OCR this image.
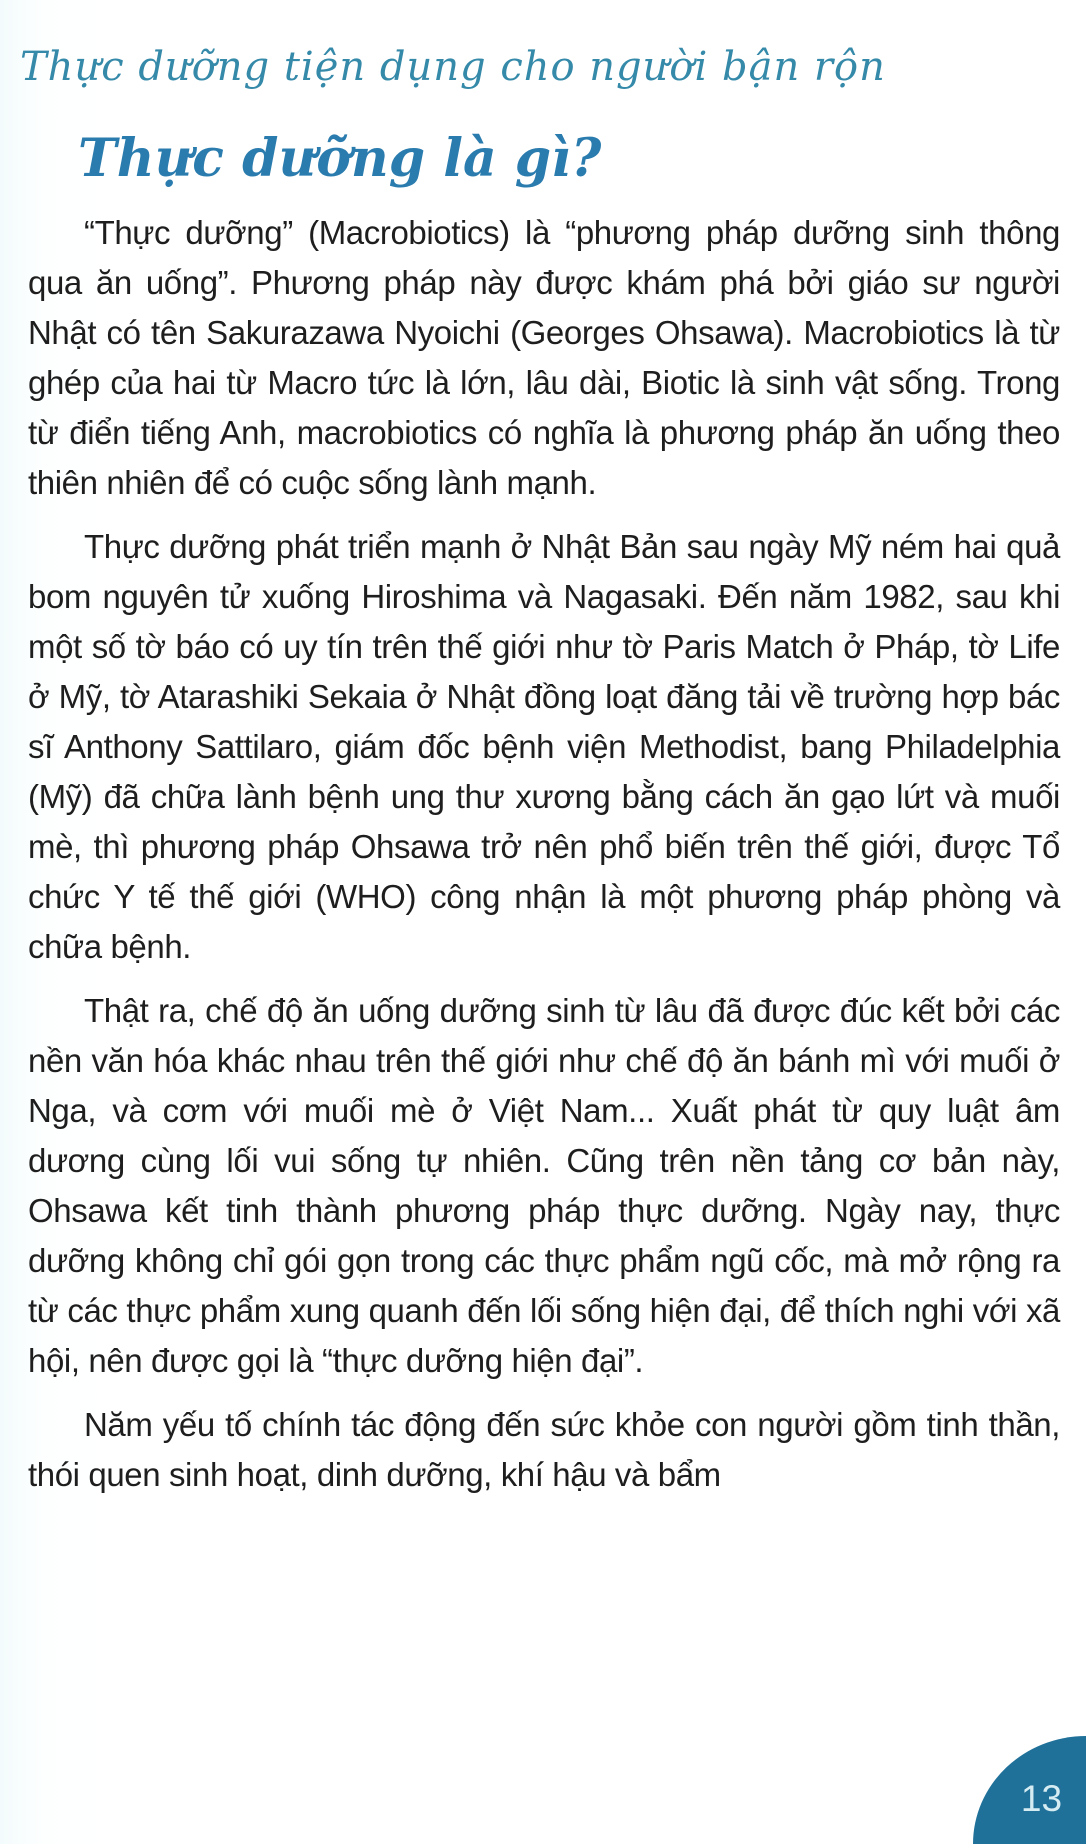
Thực dưỡng tiện dụng cho người bận rộn
Thực dưỡng là gì?

“Thực dưỡng” (Macrobiotics) là “phương pháp dưỡng sinh thông qua ăn uống”. Phương pháp này được khám phá bởi giáo sư người Nhật có tên Sakurazawa Nyoichi (Georges Ohsawa). Macrobiotics là từ ghép của hai từ Macro tức là lớn, lâu dài, Biotic là sinh vật sống. Trong từ điển tiếng Anh, macrobiotics có nghĩa là phương pháp ăn uống theo thiên nhiên để có cuộc sống lành mạnh.

Thực dưỡng phát triển mạnh ở Nhật Bản sau ngày Mỹ ném hai quả bom nguyên tử xuống Hiroshima và Nagasaki. Đến năm 1982, sau khi một số tờ báo có uy tín trên thế giới như tờ Paris Match ở Pháp, tờ Life ở Mỹ, tờ Atarashiki Sekaia ở Nhật đồng loạt đăng tải về trường hợp bác sĩ Anthony Sattilaro, giám đốc bệnh viện Methodist, bang Philadelphia (Mỹ) đã chữa lành bệnh ung thư xương bằng cách ăn gạo lứt và muối mè, thì phương pháp Ohsawa trở nên phổ biến trên thế giới, được Tổ chức Y tế thế giới (WHO) công nhận là một phương pháp phòng và chữa bệnh.

Thật ra, chế độ ăn uống dưỡng sinh từ lâu đã được đúc kết bởi các nền văn hóa khác nhau trên thế giới như chế độ ăn bánh mì với muối ở Nga, và cơm với muối mè ở Việt Nam... Xuất phát từ quy luật âm dương cùng lối vui sống tự nhiên. Cũng trên nền tảng cơ bản này, Ohsawa kết tinh thành phương pháp thực dưỡng. Ngày nay, thực dưỡng không chỉ gói gọn trong các thực phẩm ngũ cốc, mà mở rộng ra từ các thực phẩm xung quanh đến lối sống hiện đại, để thích nghi với xã hội, nên được gọi là “thực dưỡng hiện đại”.

Năm yếu tố chính tác động đến sức khỏe con người gồm tinh thần, thói quen sinh hoạt, dinh dưỡng, khí hậu và bẩm

13
